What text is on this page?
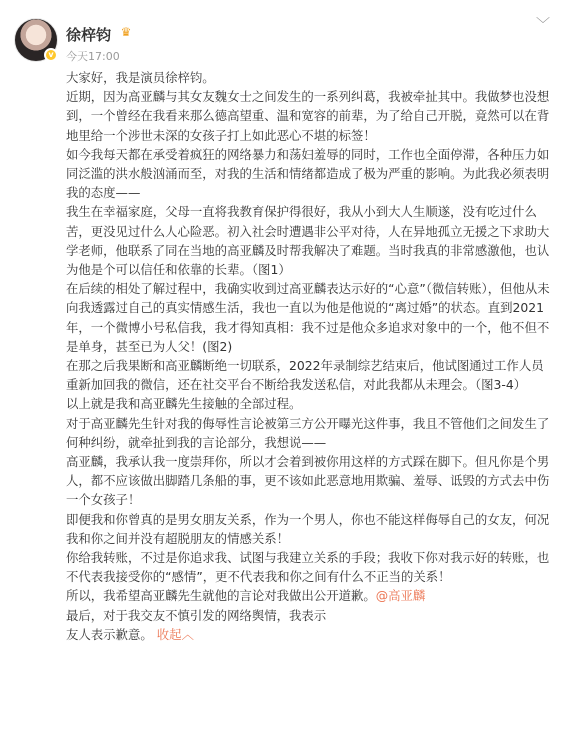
v
徐梓钧 ♛
今天17:00
﹀

大家好，我是演员徐梓钧。

近期，因为高亚麟与其女友魏女士之间发生的一系列纠葛，我被牵扯其中。我做梦也没想到，一个曾经在我看来那么德高望重、温和宽容的前辈，为了给自己开脱，竟然可以在背地里给一个涉世未深的女孩子打上如此恶心不堪的标签！

如今我每天都在承受着疯狂的网络暴力和荡妇羞辱的同时，工作也全面停滞，各种压力如同泛滥的洪水般汹涌而至，对我的生活和情绪都造成了极为严重的影响。为此我必须表明我的态度——

我生在幸福家庭，父母一直将我教育保护得很好，我从小到大人生顺遂，没有吃过什么苦，更没见过什么人心险恶。初入社会时遭遇非公平对待，人在异地孤立无援之下求助大学老师，他联系了同在当地的高亚麟及时帮我解决了难题。当时我真的非常感激他，也认为他是个可以信任和依靠的长辈。（图1）

在后续的相处了解过程中，我确实收到过高亚麟表达示好的“心意”（微信转账），但他从未向我透露过自己的真实情感生活，我也一直以为他是他说的“离过婚”的状态。直到2021年，一个微博小号私信我，我才得知真相：我不过是他众多追求对象中的一个，他不但不是单身，甚至已为人父！(图2)

在那之后我果断和高亚麟断绝一切联系，2022年录制综艺结束后，他试图通过工作人员重新加回我的微信，还在社交平台不断给我发送私信，对此我都从未理会。（图3-4）

以上就是我和高亚麟先生接触的全部过程。

对于高亚麟先生针对我的侮辱性言论被第三方公开曝光这件事，我且不管他们之间发生了何种纠纷，就牵扯到我的言论部分，我想说——

高亚麟，我承认我一度崇拜你，所以才会着到被你用这样的方式踩在脚下。但凡你是个男人，都不应该做出脚踏几条船的事，更不该如此恶意地用欺骗、羞辱、诋毁的方式去中伤一个女孩子！

即便我和你曾真的是男女朋友关系，作为一个男人，你也不能这样侮辱自己的女友，何况我和你之间并没有超脱朋友的情感关系！

你给我转账，不过是你追求我、试图与我建立关系的手段；我收下你对我示好的转账，也不代表我接受你的“感情”，更不代表我和你之间有什么不正当的关系！

所以，我希望高亚麟先生就他的言论对我做出公开道歉。@高亚麟

最后，对于我交友不慎引发的网络舆情，我表示
友人表示歉意。 收起︿
